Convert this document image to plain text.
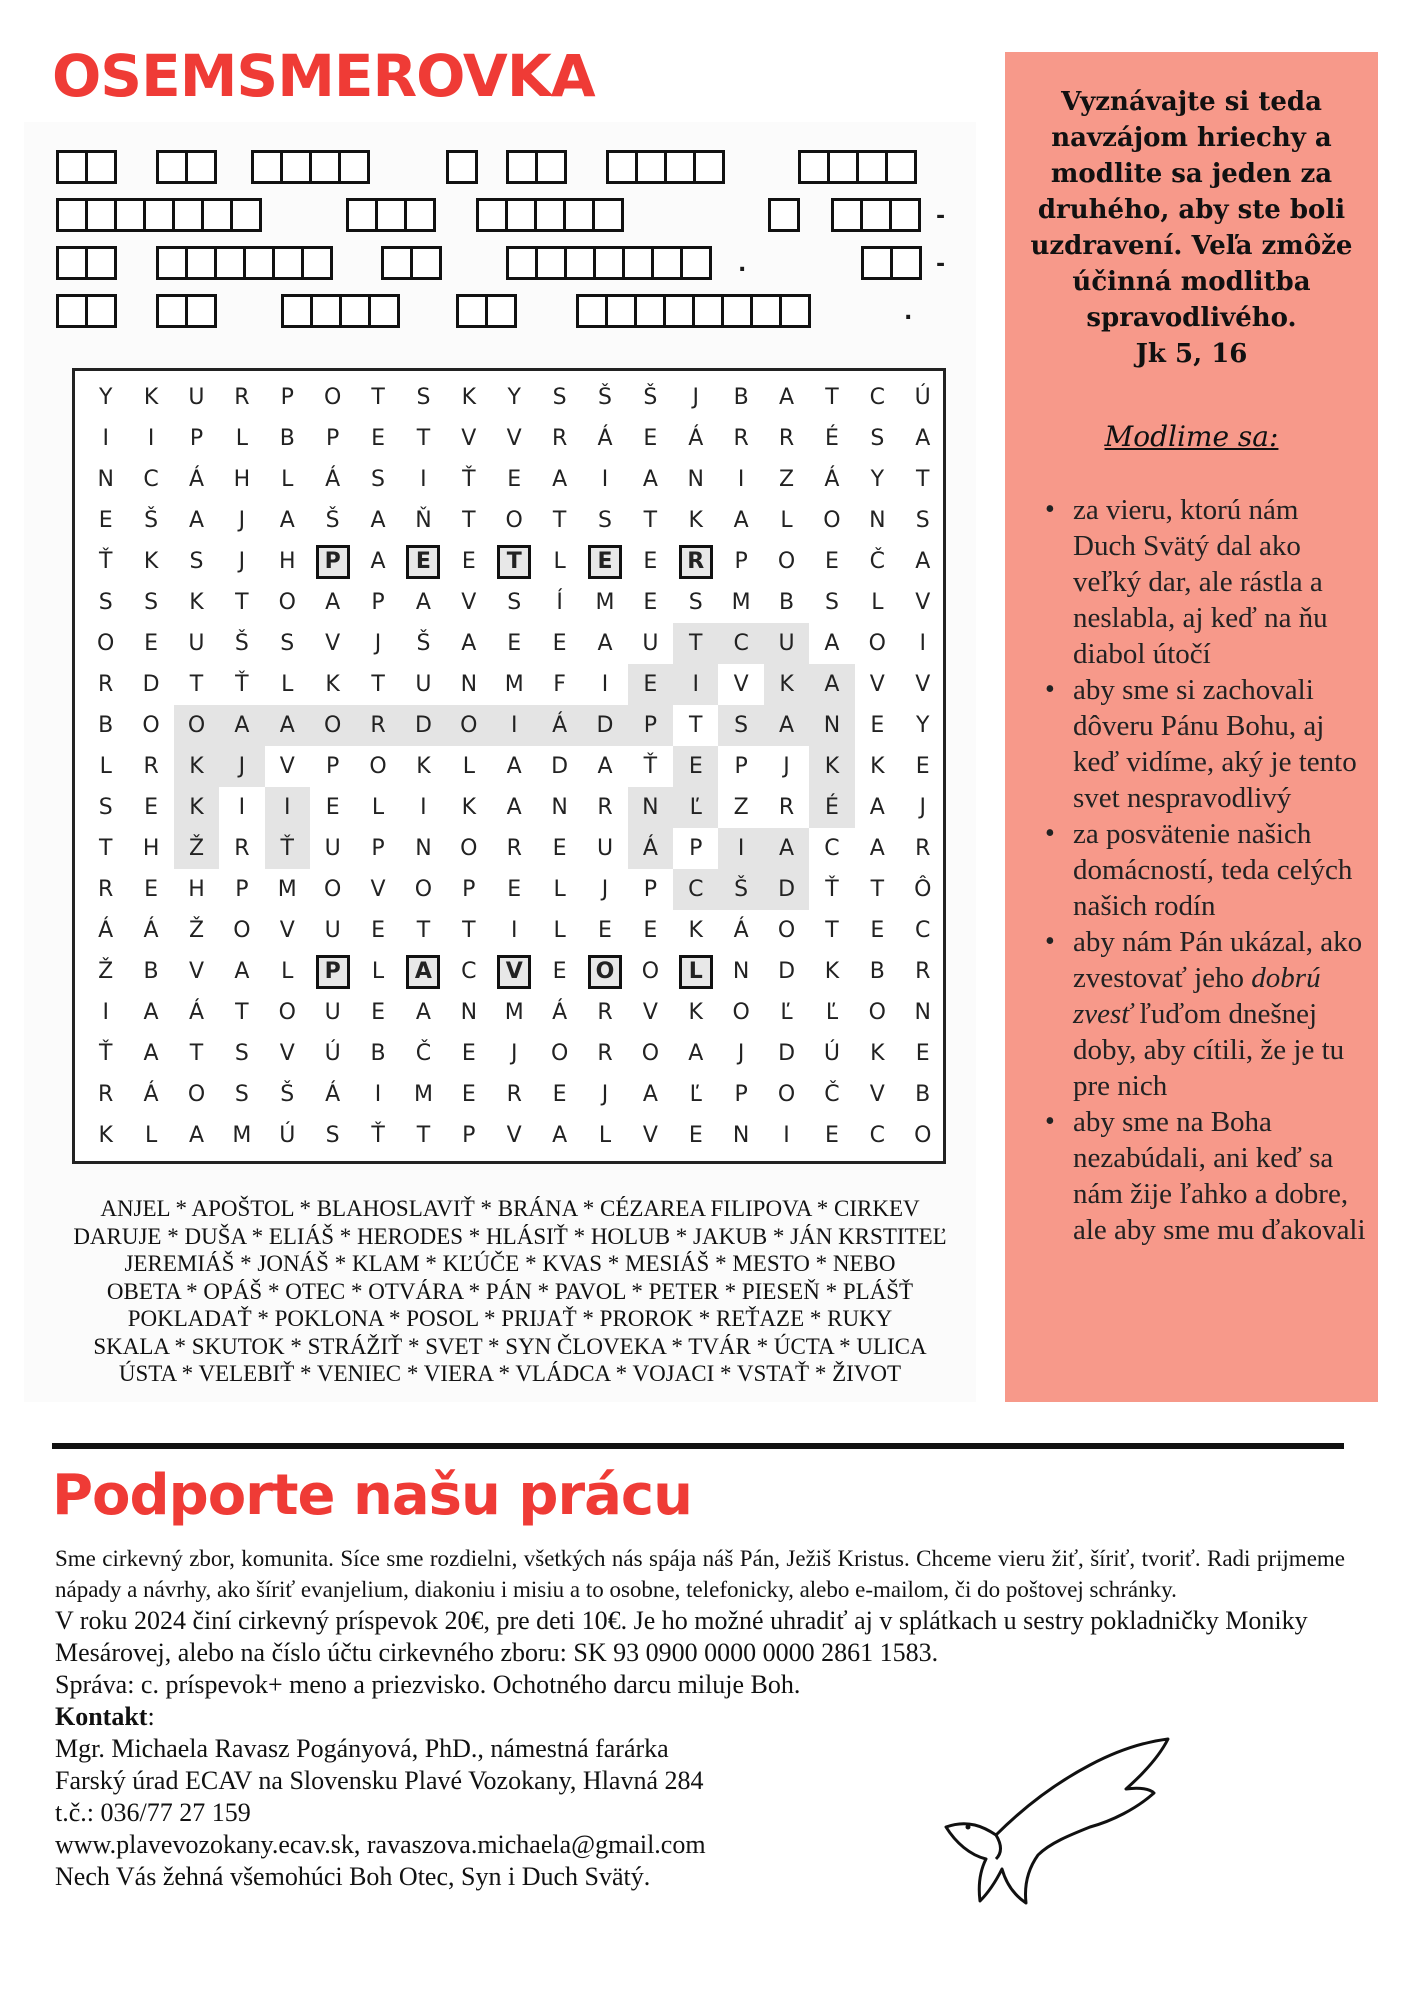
OSEMSMEROVKA
-
.	-
.
Y	K	U	R	P	O	T	S	K	Y	S	Š	Š	J	B	A	T	C	Ú
I	I	P	L	B	P	E	T	V	V	R	Á	E	Á	R	R	É	S	A
N	C	Á	H	L	Á	S	I	Ť	E	A	I	A	N	I	Z	Á	Y	T
E	Š	A	J	A	Š	A	Ň	T	O	T	S	T	K	A	L	O	N	S
Ť	K	S	J	H	P	A	E	E	T	L	E	E	R	P	O	E	Č	A
S	S	K	T	O	A	P	A	V	S	Í	M	E	S	M	B	S	L	V
O	E	U	Š	S	V	J	Š	A	E	E	A	U	T	C	U	A	O	I
R	D	T	Ť	L	K	T	U	N	M	F	I	E	I	V	K	A	V	V
B	O	O	A	A	O	R	D	O	I	Á	D	P	T	S	A	N	E	Y
L	R	K	J	V	P	O	K	L	A	D	A	Ť	E	P	J	K	K	E
S	E	K	I	I	E	L	I	K	A	N	R	N	Ľ	Z	R	É	A	J
T	H	Ž	R	Ť	U	P	N	O	R	E	U	Á	P	I	A	C	A	R
R	E	H	P	M	O	V	O	P	E	L	J	P	C	Š	D	Ť	T	Ô
Á	Á	Ž	O	V	U	E	T	T	I	L	E	E	K	Á	O	T	E	C
Ž	B	V	A	L	P	L	A	C	V	E	O	O	L	N	D	K	B	R
I	A	Á	T	O	U	E	A	N	M	Á	R	V	K	O	Ľ	Ľ	O	N
Ť	A	T	S	V	Ú	B	Č	E	J	O	R	O	A	J	D	Ú	K	E
R	Á	O	S	Š	Á	I	M	E	R	E	J	A	Ľ	P	O	Č	V	B
K	L	A	M	Ú	S	Ť	T	P	V	A	L	V	E	N	I	E	C	O
ANJEL * APOŠTOL * BLAHOSLAVIŤ * BRÁNA * CÉZAREA FILIPOVA * CIRKEV
DARUJE * DUŠA * ELIÁŠ * HERODES * HLÁSIŤ * HOLUB * JAKUB * JÁN KRSTITEĽ
JEREMIÁŠ * JONÁŠ * KLAM * KĽÚČE * KVAS * MESIÁŠ * MESTO * NEBO
OBETA * OPÁŠ * OTEC * OTVÁRA * PÁN * PAVOL * PETER * PIESEŇ * PLÁŠŤ
POKLADAŤ * POKLONA * POSOL * PRIJAŤ * PROROK * REŤAZE * RUKY
SKALA * SKUTOK * STRÁŽIŤ * SVET * SYN ČLOVEKA * TVÁR * ÚCTA * ULICA
ÚSTA * VELEBIŤ * VENIEC * VIERA * VLÁDCA * VOJACI * VSTAŤ * ŽIVOT
Vyznávajte si teda
navzájom hriechy a
modlite sa jeden za
druhého, aby ste boli
uzdravení. Veľa zmôže
účinná modlitba
spravodlivého.
Jk 5, 16
Modlime sa:
• za vieru, ktorú nám Duch Svätý dal ako veľký dar, ale rástla a neslabla, aj keď na ňu diabol útočí
• aby sme si zachovali dôveru Pánu Bohu, aj keď vidíme, aký je tento svet nespravodlivý
• za posvätenie našich domácností, teda celých našich rodín
• aby nám Pán ukázal, ako zvestovať jeho dobrú zvesť ľuďom dnešnej doby, aby cítili, že je tu pre nich
• aby sme na Boha nezabúdali, ani keď sa nám žije ľahko a dobre, ale aby sme mu ďakovali
Podporte našu prácu

Sme cirkevný zbor, komunita. Síce sme rozdielni, všetkých nás spája náš Pán, Ježiš Kristus. Chceme vieru žiť, šíriť, tvoriť. Radi prijmeme nápady a návrhy, ako šíriť evanjelium, diakoniu i misiu a to osobne, telefonicky, alebo e-mailom, či do poštovej schránky.

V roku 2024 činí cirkevný príspevok 20€, pre deti 10€. Je ho možné uhradiť aj v splátkach u sestry pokladničky Moniky Mesárovej, alebo na číslo účtu cirkevného zboru: SK 93 0900 0000 0000 2861 1583.

Správa: c. príspevok+ meno a priezvisko. Ochotného darcu miluje Boh.

Kontakt:

Mgr. Michaela Ravasz Pogányová, PhD., námestná farárka

Farský úrad ECAV na Slovensku Plavé Vozokany, Hlavná 284

t.č.: 036/77 27 159

www.plavevozokany.ecav.sk, ravaszova.michaela@gmail.com

Nech Vás žehná všemohúci Boh Otec, Syn i Duch Svätý.
